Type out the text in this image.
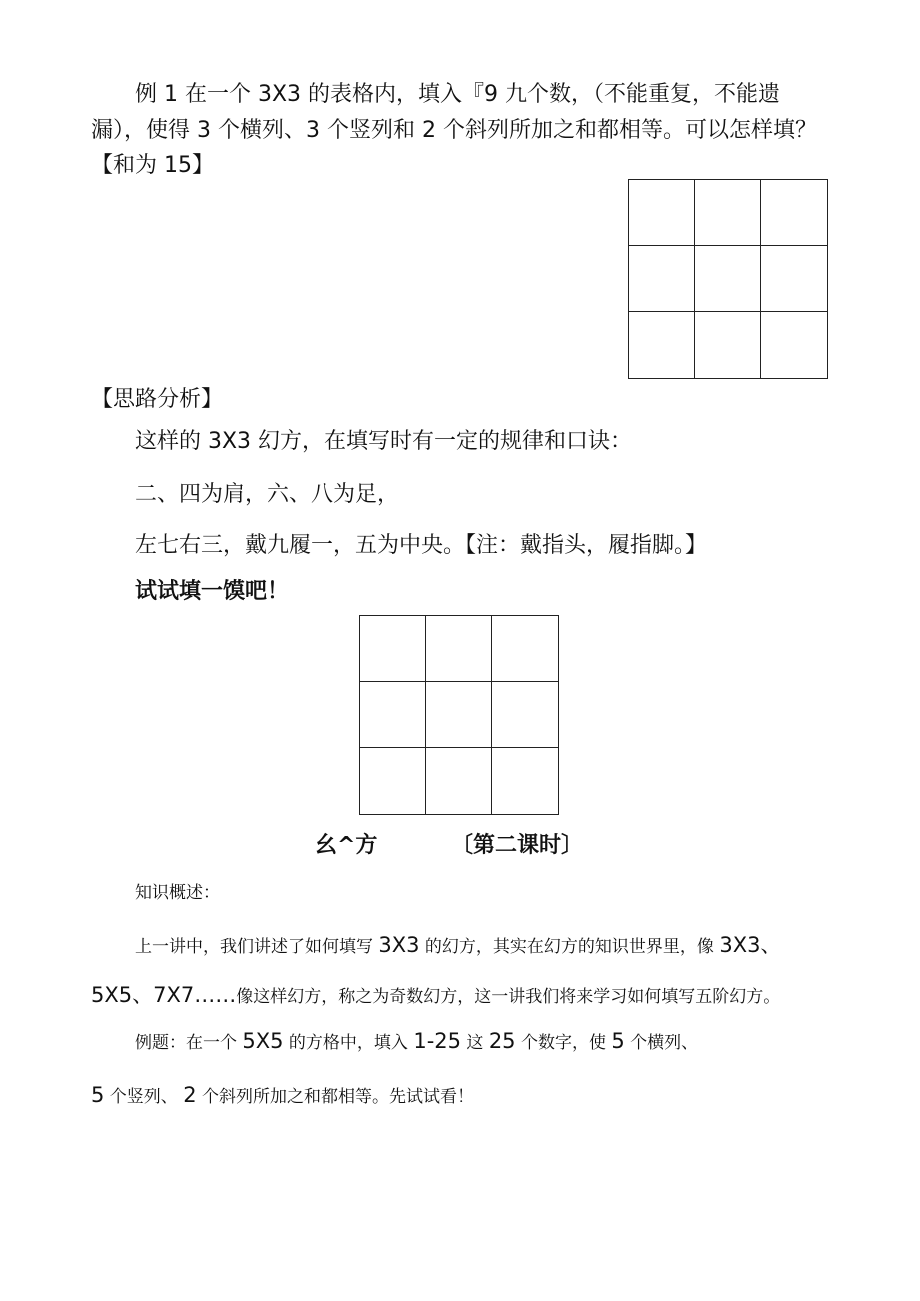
例 1 在一个 3X3 的表格内，填入『9 九个数，（不能重复，不能遗
漏），使得 3 个横列、3 个竖列和 2 个斜列所加之和都相等。可以怎样填？
【和为 15】
【思路分析】
这样的 3X3 幻方，在填写时有一定的规律和口诀：
二、四为肩，六、八为足，
左七右三，戴九履一，五为中央。【注：戴指头，履指脚。】
试试填一馍吧！
幺^方	〔第二课时〕
知识概述：
上一讲中，我们讲述了如何填写 3X3 的幻方，其实在幻方的知识世界里，像 3X3、
5X5、7X7……像这样幻方，称之为奇数幻方，这一讲我们将来学习如何填写五阶幻方。
例题：在一个 5X5 的方格中，填入 1-25 这 25 个数字，使 5 个横列、
5 个竖列、 2 个斜列所加之和都相等。先试试看！
